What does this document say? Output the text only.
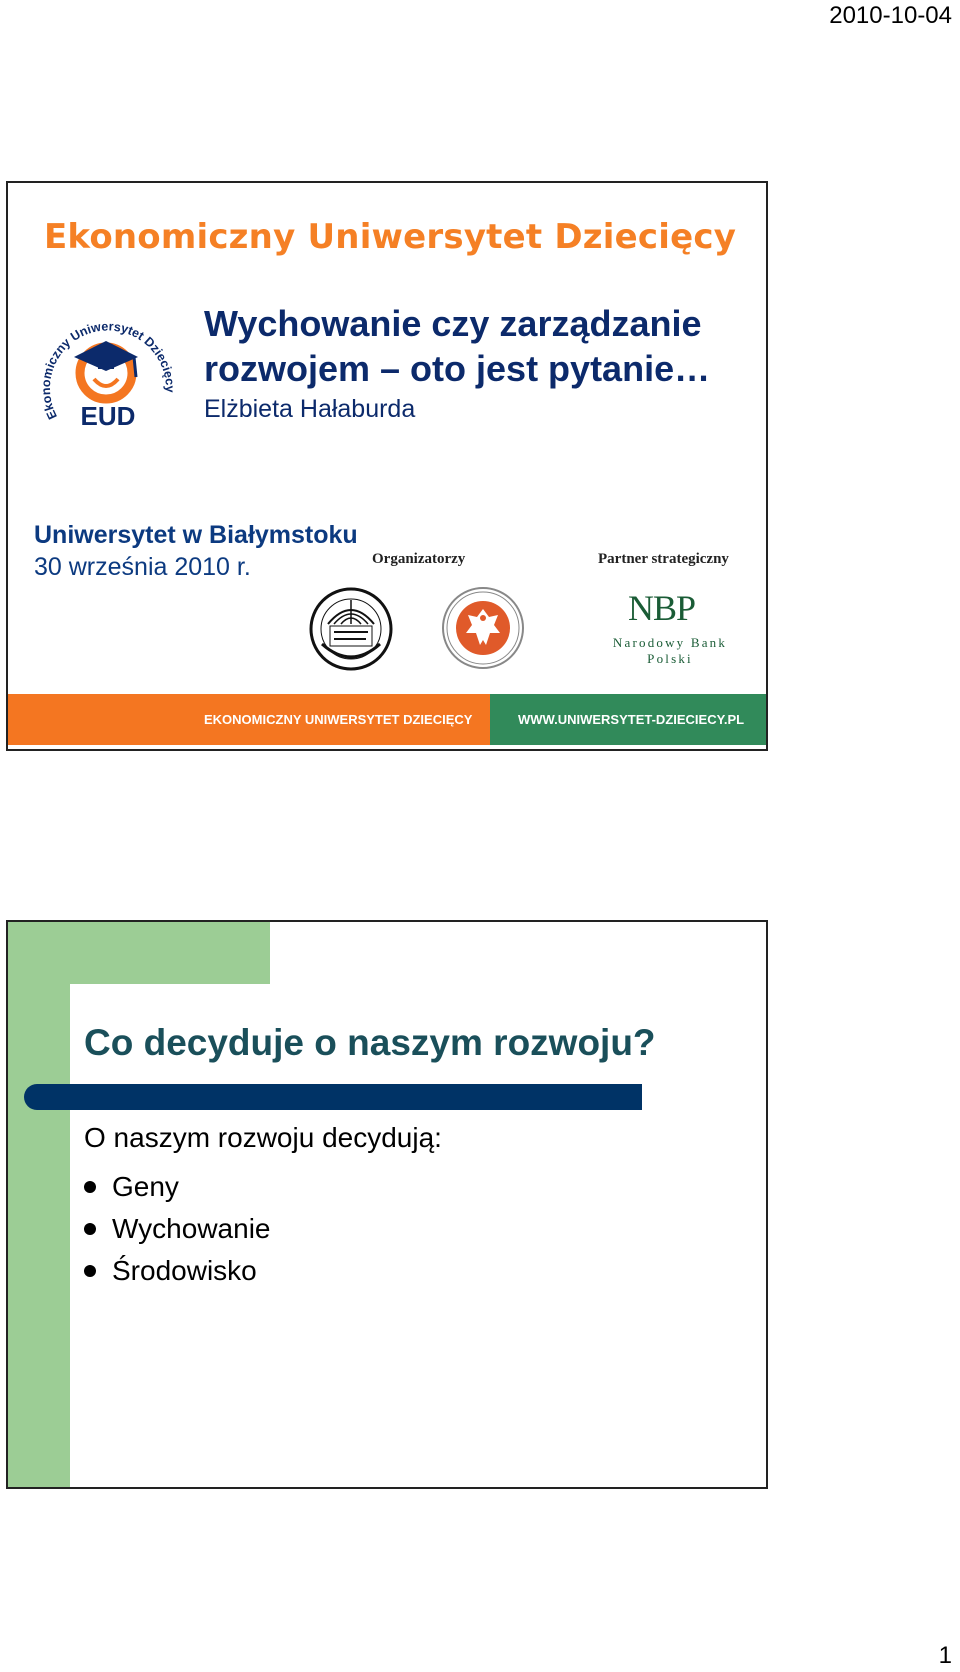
2010-10-04
Ekonomiczny Uniwersytet Dziecięcy
Ekonomiczny Uniwersytet Dziecięcy
EUD
Wychowanie czy zarządzanie
rozwojem – oto jest pytanie…
Elżbieta Hałaburda
Uniwersytet w Białymstoku
30 września 2010 r.	Organizatorzy	Partner strategiczny
NBP
Narodowy Bank Polski
EKONOMICZNY UNIWERSYTET DZIECIĘCY	WWW.UNIWERSYTET-DZIECIECY.PL
Co decyduje o naszym rozwoju?
O naszym rozwoju decydują:
Geny
Wychowanie
Środowisko
1
